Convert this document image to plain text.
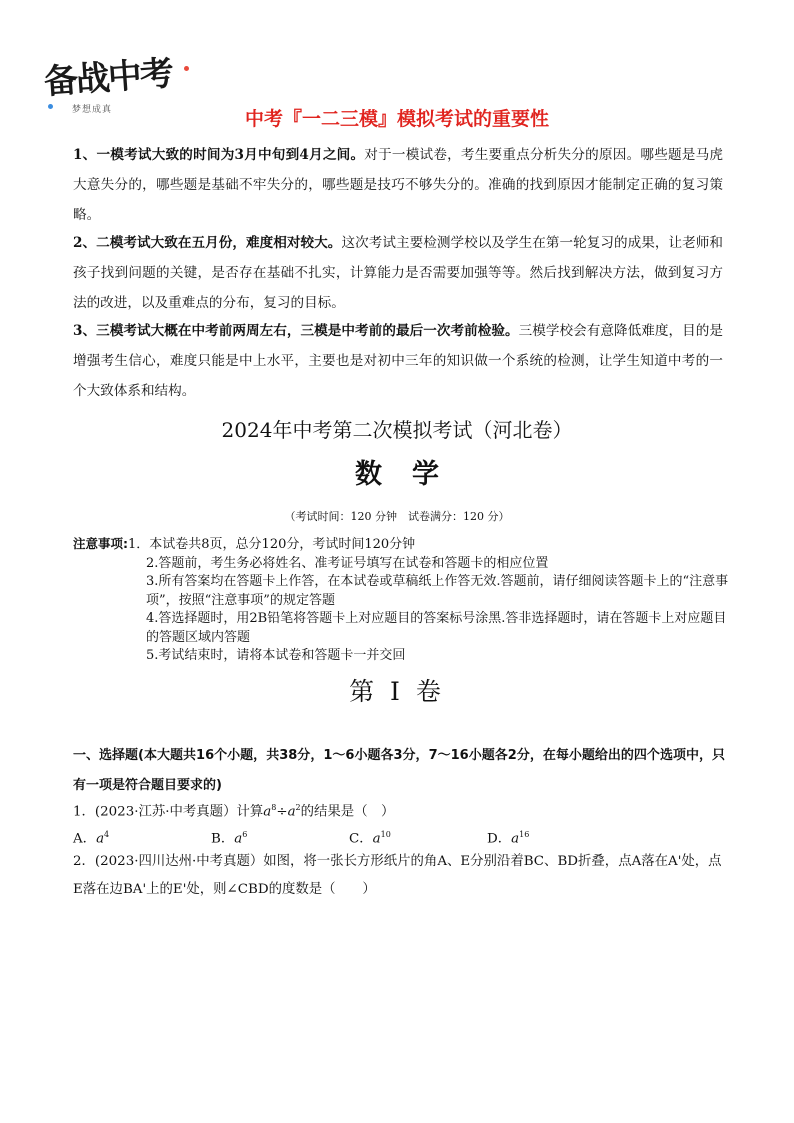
备战中考
梦想成真	中考『一二三模』模拟考试的重要性
1、一模考试大致的时间为3月中旬到4月之间。对于一模试卷，考生要重点分析失分的原因。哪些题是马虎大意失分的，哪些题是基础不牢失分的，哪些题是技巧不够失分的。准确的找到原因才能制定正确的复习策略。
2、二模考试大致在五月份，难度相对较大。这次考试主要检测学校以及学生在第一轮复习的成果，让老师和孩子找到问题的关键，是否存在基础不扎实，计算能力是否需要加强等等。然后找到解决方法，做到复习方法的改进，以及重难点的分布，复习的目标。
3、三模考试大概在中考前两周左右，三模是中考前的最后一次考前检验。三模学校会有意降低难度，目的是增强考生信心，难度只能是中上水平，主要也是对初中三年的知识做一个系统的检测，让学生知道中考的一个大致体系和结构。
2024年中考第二次模拟考试（河北卷）
数学
（考试时间：120 分钟　试卷满分：120 分）
注意事项:1．本试卷共8页，总分120分，考试时间120分钟
2.答题前，考生务必将姓名、准考证号填写在试卷和答题卡的相应位置
3.所有答案均在答题卡上作答，在本试卷或草稿纸上作答无效.答题前，请仔细阅读答题卡上的“注意事项”，按照“注意事项”的规定答题
4.答选择题时，用2B铅笔将答题卡上对应题目的答案标号涂黑.答非选择题时，请在答题卡上对应题目的答题区域内答题
5.考试结束时，请将本试卷和答题卡一并交回
第 I 卷
一、选择题(本大题共16个小题，共38分，1～6小题各3分，7～16小题各2分，在每小题给出的四个选项中，只有一项是符合题目要求的)
1．(2023·江苏·中考真题）计算$a^8\div a^2$的结果是（　）
A．$a^4$	B．$a^6$	C．$a^{10}$	D．$a^{16}$
2．(2023·四川达州·中考真题）如图，将一张长方形纸片的角A、E分别沿着BC、BD折叠，点A落在A'处，点E落在边BA'上的E'处，则∠CBD的度数是（　　）
